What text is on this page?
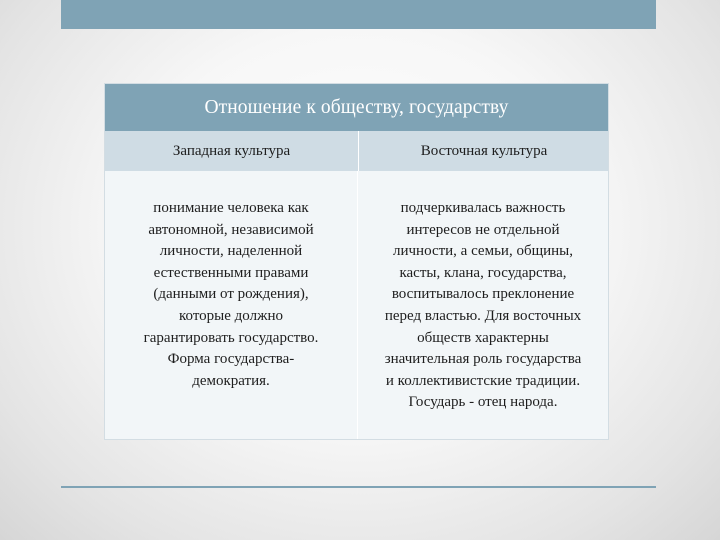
Отношение к обществу, государству
Западная культура	Восточная культура
понимание человека как
автономной, независимой
личности, наделенной
естественными правами
(данными от рождения),
которые должно
гарантировать государство.
Форма государства-
демократия.
подчеркивалась важность
интересов не отдельной
личности, а семьи, общины,
касты, клана, государства,
воспитывалось преклонение
перед властью. Для восточных
обществ характерны
значительная роль государства
и коллективистские традиции.
Государь - отец народа.
